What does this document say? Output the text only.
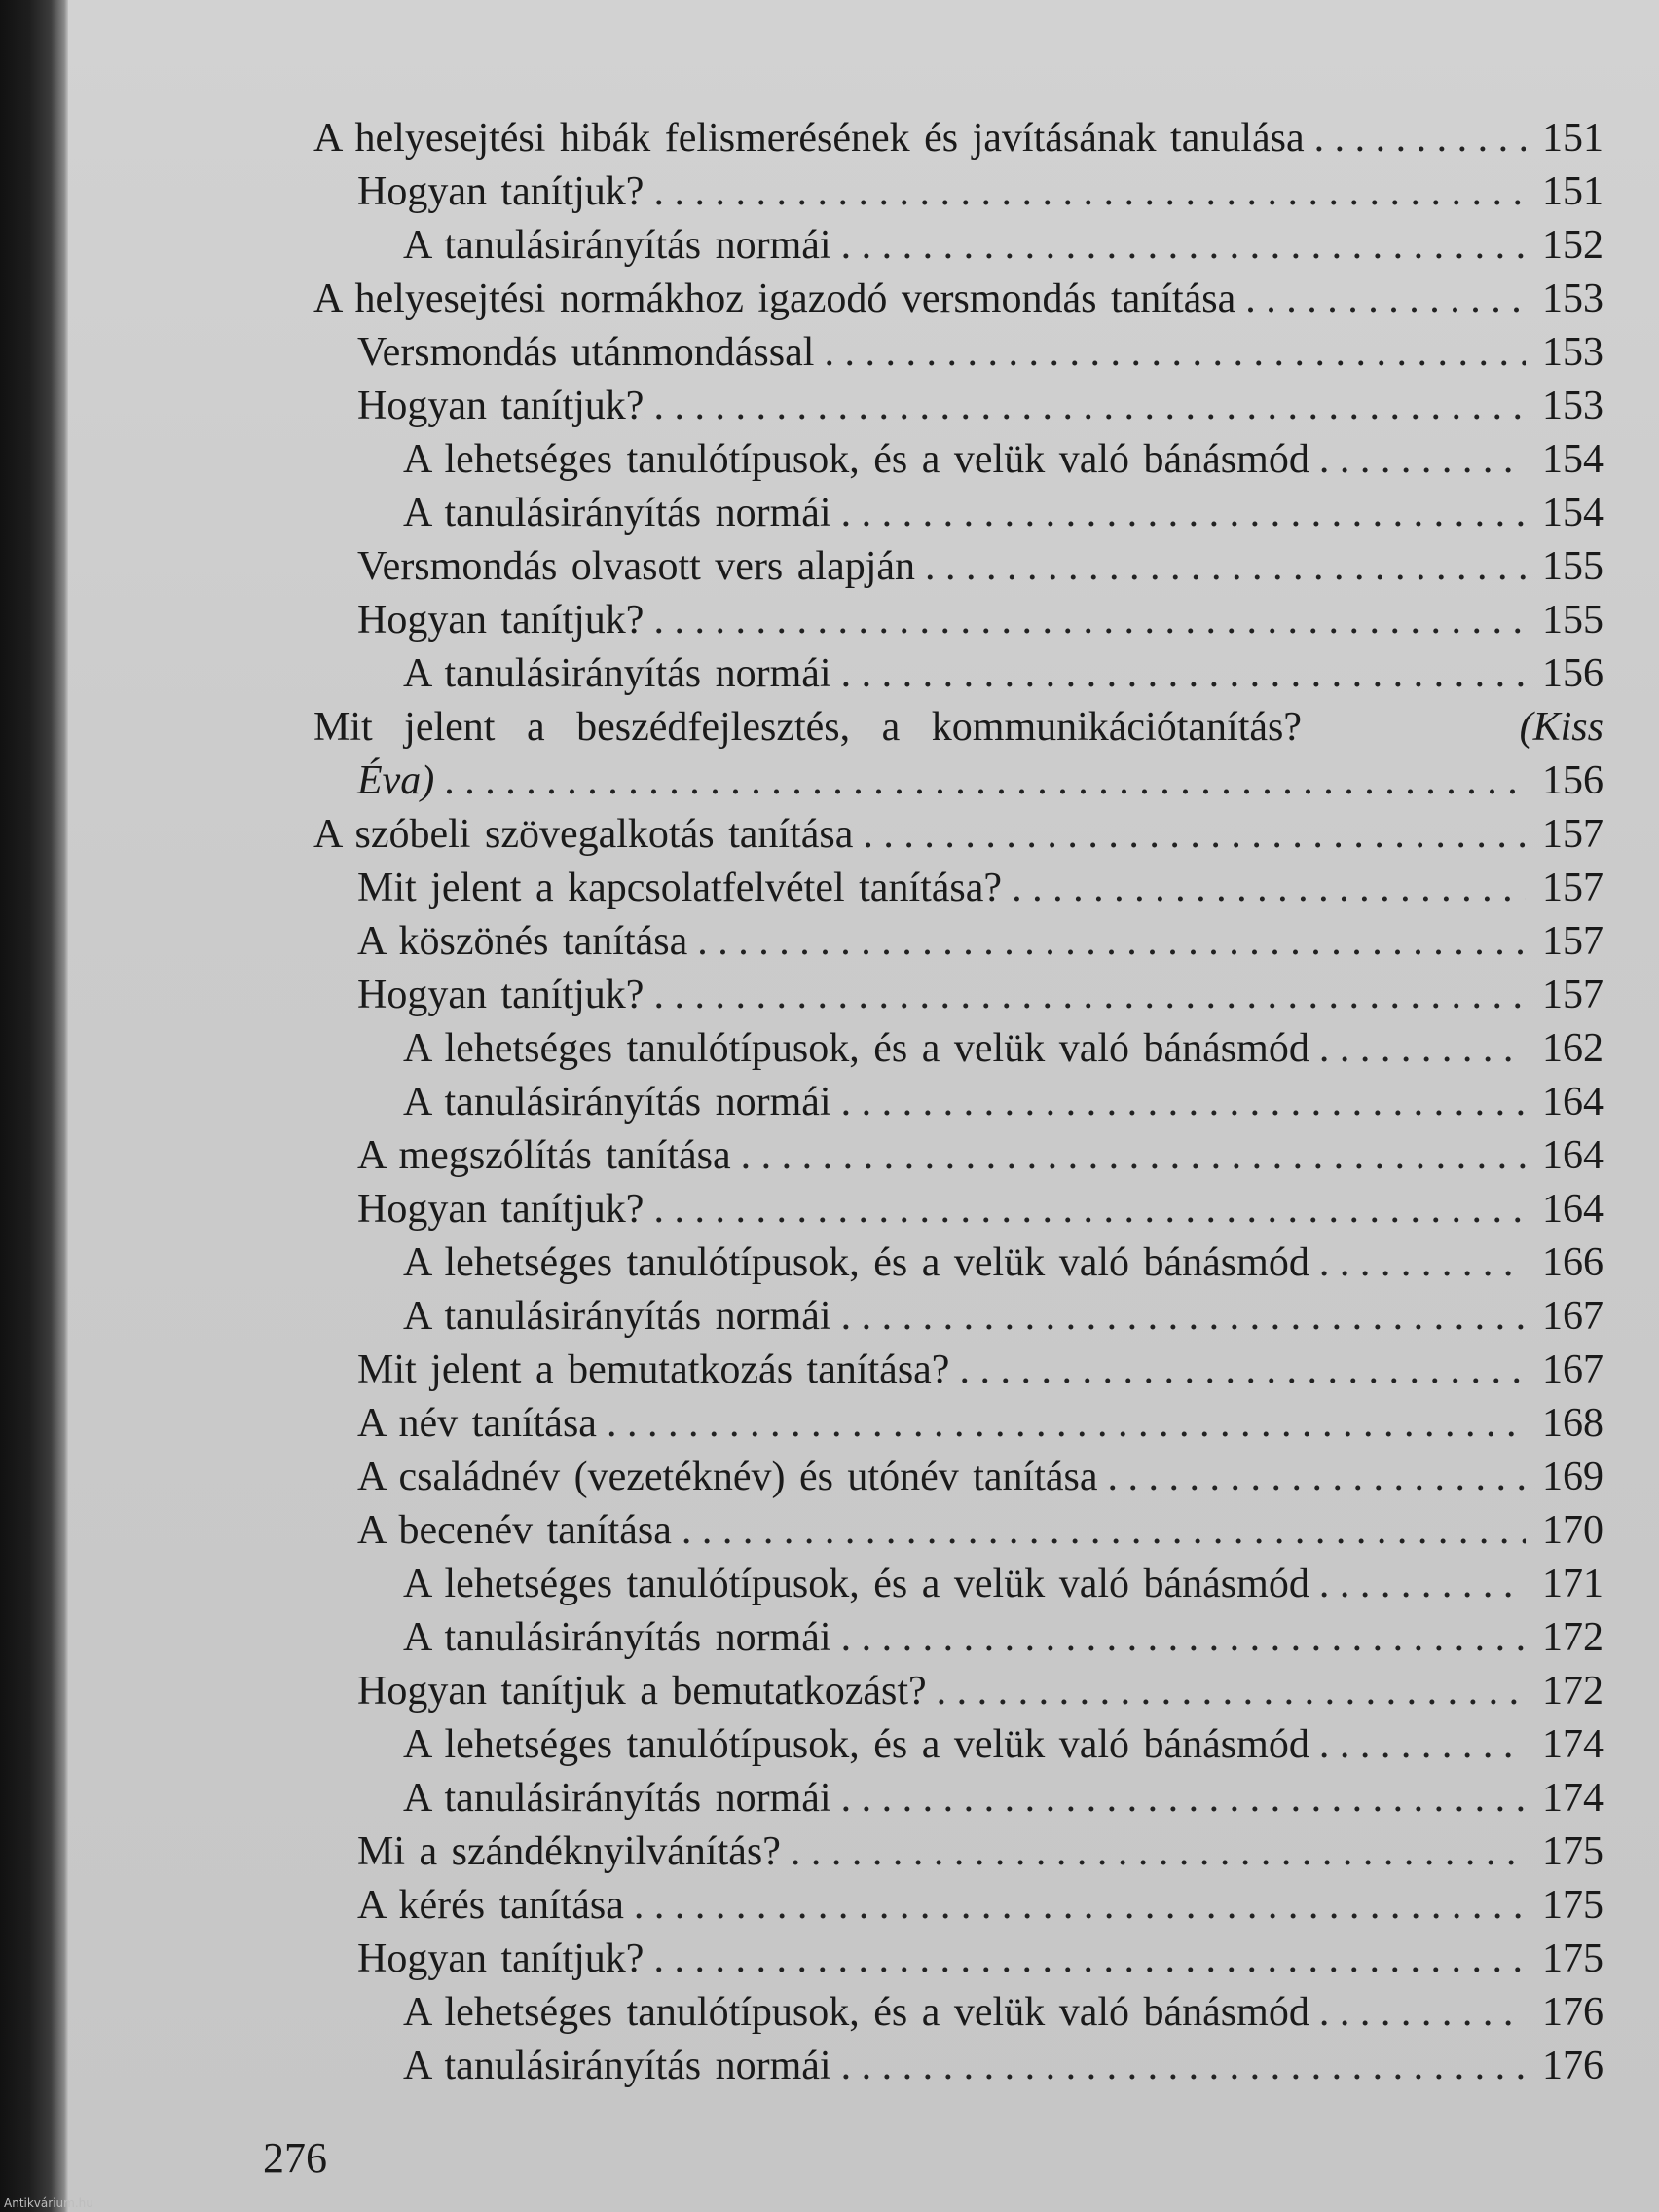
A helyesejtési hibák felismerésének és javításának tanulása . . .	151
Hogyan tanítjuk? . . .	151
A tanulásirányítás normái . . .	152
A helyesejtési normákhoz igazodó versmondás tanítása . . .	153
Versmondás utánmondással . . .	153
Hogyan tanítjuk? . . .	153
A lehetséges tanulótípusok, és a velük való bánásmód . . .	154
A tanulásirányítás normái . . .	154
Versmondás olvasott vers alapján . . .	155
Hogyan tanítjuk? . . .	155
A tanulásirányítás normái . . .	156
Mit jelent a beszédfejlesztés, a kommunikációtanítás?	(Kiss
Éva) . . .	156
A szóbeli szövegalkotás tanítása . . .	157
Mit jelent a kapcsolatfelvétel tanítása? . . .	157
A köszönés tanítása . . .	157
Hogyan tanítjuk? . . .	157
A lehetséges tanulótípusok, és a velük való bánásmód . . .	162
A tanulásirányítás normái . . .	164
A megszólítás tanítása . . .	164
Hogyan tanítjuk? . . .	164
A lehetséges tanulótípusok, és a velük való bánásmód . . .	166
A tanulásirányítás normái . . .	167
Mit jelent a bemutatkozás tanítása? . . .	167
A név tanítása . . .	168
A családnév (vezetéknév) és utónév tanítása . . .	169
A becenév tanítása . . .	170
A lehetséges tanulótípusok, és a velük való bánásmód . . .	171
A tanulásirányítás normái . . .	172
Hogyan tanítjuk a bemutatkozást? . . .	172
A lehetséges tanulótípusok, és a velük való bánásmód . . .	174
A tanulásirányítás normái . . .	174
Mi a szándéknyilvánítás? . . .	175
A kérés tanítása . . .	175
Hogyan tanítjuk? . . .	175
A lehetséges tanulótípusok, és a velük való bánásmód . . .	176
A tanulásirányítás normái . . .	176
276
Antikvárium.hu
